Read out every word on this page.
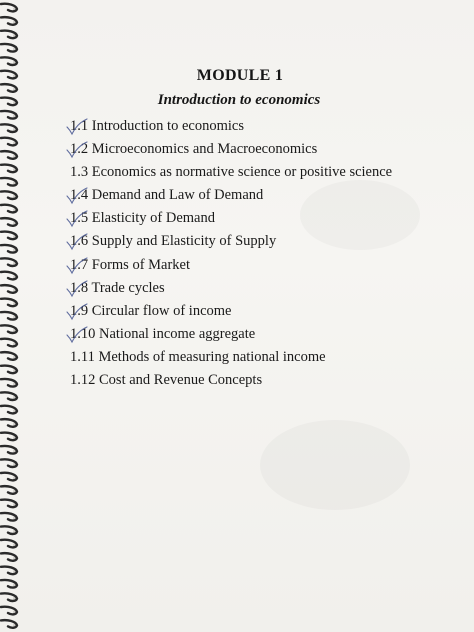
MODULE 1
Introduction to economics
1.1 Introduction to economics
1.2 Microeconomics and Macroeconomics
1.3 Economics as normative science or positive science
1.4 Demand and Law of Demand
1.5 Elasticity of Demand
1.6 Supply and Elasticity of Supply
1.7 Forms of Market
1.8 Trade cycles
1.9 Circular flow of income
1.10 National income aggregate
1.11 Methods of measuring national income
1.12 Cost and Revenue Concepts
